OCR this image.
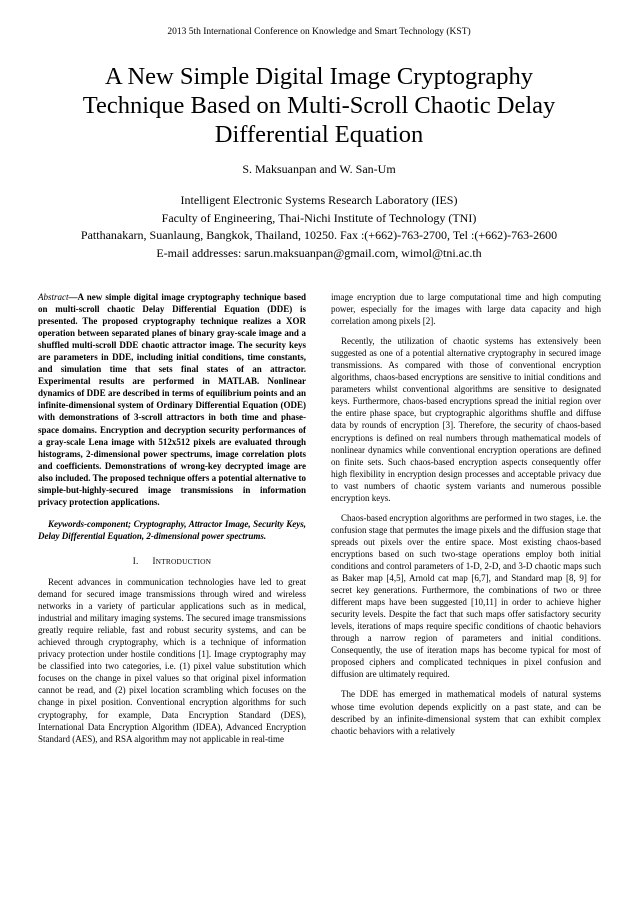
2013 5th International Conference on Knowledge and Smart Technology (KST)
A New Simple Digital Image Cryptography
Technique Based on Multi-Scroll Chaotic Delay
Differential Equation
S. Maksuanpan and W. San-Um
Intelligent Electronic Systems Research Laboratory (IES)
Faculty of Engineering, Thai-Nichi Institute of Technology (TNI)
Patthanakarn, Suanlaung, Bangkok, Thailand, 10250. Fax :(+662)-763-2700, Tel :(+662)-763-2600
E-mail addresses: sarun.maksuanpan@gmail.com, wimol@tni.ac.th

Abstract—A new simple digital image cryptography technique based on multi-scroll chaotic Delay Differential Equation (DDE) is presented. The proposed cryptography technique realizes a XOR operation between separated planes of binary gray-scale image and a shuffled multi-scroll DDE chaotic attractor image. The security keys are parameters in DDE, including initial conditions, time constants, and simulation time that sets final states of an attractor. Experimental results are performed in MATLAB. Nonlinear dynamics of DDE are described in terms of equilibrium points and an infinite-dimensional system of Ordinary Differential Equation (ODE) with demonstrations of 3-scroll attractors in both time and phase-space domains. Encryption and decryption security performances of a gray-scale Lena image with 512x512 pixels are evaluated through histograms, 2-dimensional power spectrums, image correlation plots and coefficients. Demonstrations of wrong-key decrypted image are also included. The proposed technique offers a potential alternative to simple-but-highly-secured image transmissions in information privacy protection applications.

Keywords-component; Cryptography, Attractor Image, Security Keys, Delay Differential Equation, 2-dimensional power spectrums.

I. INTRODUCTION

Recent advances in communication technologies have led to great demand for secured image transmissions through wired and wireless networks in a variety of particular applications such as in medical, industrial and military imaging systems. The secured image transmissions greatly require reliable, fast and robust security systems, and can be achieved through cryptography, which is a technique of information privacy protection under hostile conditions [1]. Image cryptography may be classified into two categories, i.e. (1) pixel value substitution which focuses on the change in pixel values so that original pixel information cannot be read, and (2) pixel location scrambling which focuses on the change in pixel position. Conventional encryption algorithms for such cryptography, for example, Data Encryption Standard (DES), International Data Encryption Algorithm (IDEA), Advanced Encryption Standard (AES), and RSA algorithm may not applicable in real-time

image encryption due to large computational time and high computing power, especially for the images with large data capacity and high correlation among pixels [2].

Recently, the utilization of chaotic systems has extensively been suggested as one of a potential alternative cryptography in secured image transmissions. As compared with those of conventional encryption algorithms, chaos-based encryptions are sensitive to initial conditions and parameters whilst conventional algorithms are sensitive to designated keys. Furthermore, chaos-based encryptions spread the initial region over the entire phase space, but cryptographic algorithms shuffle and diffuse data by rounds of encryption [3]. Therefore, the security of chaos-based encryptions is defined on real numbers through mathematical models of nonlinear dynamics while conventional encryption operations are defined on finite sets. Such chaos-based encryption aspects consequently offer high flexibility in encryption design processes and acceptable privacy due to vast numbers of chaotic system variants and numerous possible encryption keys.

Chaos-based encryption algorithms are performed in two stages, i.e. the confusion stage that permutes the image pixels and the diffusion stage that spreads out pixels over the entire space. Most existing chaos-based encryptions based on such two-stage operations employ both initial conditions and control parameters of 1-D, 2-D, and 3-D chaotic maps such as Baker map [4,5], Arnold cat map [6,7], and Standard map [8, 9] for secret key generations. Furthermore, the combinations of two or three different maps have been suggested [10,11] in order to achieve higher security levels. Despite the fact that such maps offer satisfactory security levels, iterations of maps require specific conditions of chaotic behaviors through a narrow region of parameters and initial conditions. Consequently, the use of iteration maps has become typical for most of proposed ciphers and complicated techniques in pixel confusion and diffusion are ultimately required.

The DDE has emerged in mathematical models of natural systems whose time evolution depends explicitly on a past state, and can be described by an infinite-dimensional system that can exhibit complex chaotic behaviors with a relatively
